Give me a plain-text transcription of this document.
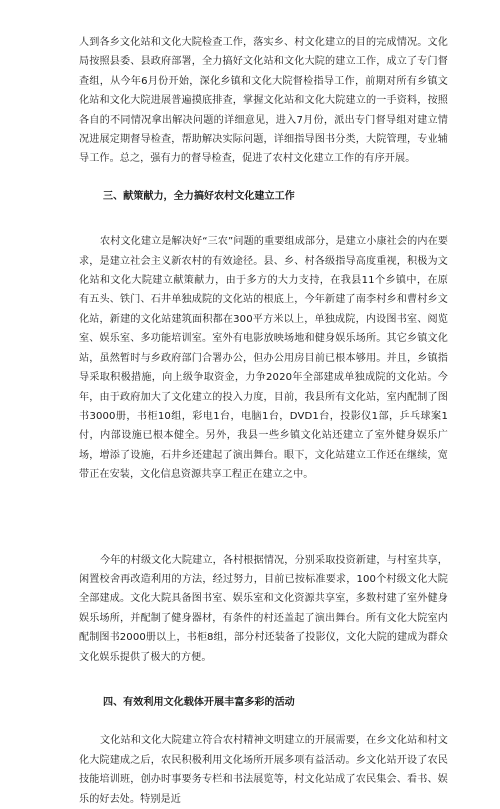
人到各乡文化站和文化大院检查工作，落实乡、村文化建立的目的完成情况。文化局按照县委、县政府部署，全力搞好文化站和文化大院的建立工作，成立了专门督查组，从今年6月份开始，深化乡镇和文化大院督检指导工作，前期对所有乡镇文化站和文化大院进展普遍摸底排查，掌握文化站和文化大院建立的一手资料，按照各自的不同情况拿出解决问题的详细意见，进入7月份，派出专门督导组对建立情况进展定期督导检查，帮助解决实际问题，详细指导图书分类，大院管理，专业辅导工作。总之，强有力的督导检查，促进了农村文化建立工作的有序开展。

三、献策献力，全力搞好农村文化建立工作

农村文化建立是解决好“三农”问题的重要组成部分，是建立小康社会的内在要求，是建立社会主义新农村的有效途径。县、乡、村各级指导高度重视，积极为文化站和文化大院建立献策献力，由于多方的大力支持，在我县11个乡镇中，在原有五头、铁门、石井单独成院的文化站的根底上，今年新建了南李村乡和曹村乡文化站，新建的文化站建筑面积都在300平方米以上，单独成院，内设图书室、阅览室、娱乐室、多功能培训室。室外有电影放映场地和健身娱乐场所。其它乡镇文化站，虽然暂时与乡政府部门合署办公，但办公用房目前已根本够用。并且，乡镇指导采取积极措施，向上级争取资金，力争2020年全部建成单独成院的文化站。今年，由于政府加大了文化建立的投入力度，目前，我县所有文化站，室内配制了图书3000册，书柜10组，彩电1台，电脑1台，DVD1台，投影仪1部，乒乓球案1付，内部设施已根本健全。另外，我县一些乡镇文化站还建立了室外健身娱乐广场，增添了设施，石井乡还建起了演出舞台。眼下，文化站建立工作还在继续，宽带正在安装，文化信息资源共享工程正在建立之中。

今年的村级文化大院建立，各村根据情况，分别采取投资新建，与村室共享，闲置校舍再改造利用的方法，经过努力，目前已按标准要求，100个村级文化大院全部建成。文化大院具备图书室、娱乐室和文化资源共享室，多数村建了室外健身娱乐场所，并配制了健身器材，有条件的村还盖起了演出舞台。所有文化大院室内配制图书2000册以上，书柜8组，部分村还装备了投影仪，文化大院的建成为群众文化娱乐提供了极大的方便。

四、有效利用文化载体开展丰富多彩的活动

文化站和文化大院建立符合农村精神文明建立的开展需要，在乡文化站和村文化大院建成之后，农民积极利用文化场所开展多项有益活动。乡文化站开设了农民技能培训班，创办时事要务专栏和书法展览等，村文化站成了农民集会、看书、娱乐的好去处。特别是近
